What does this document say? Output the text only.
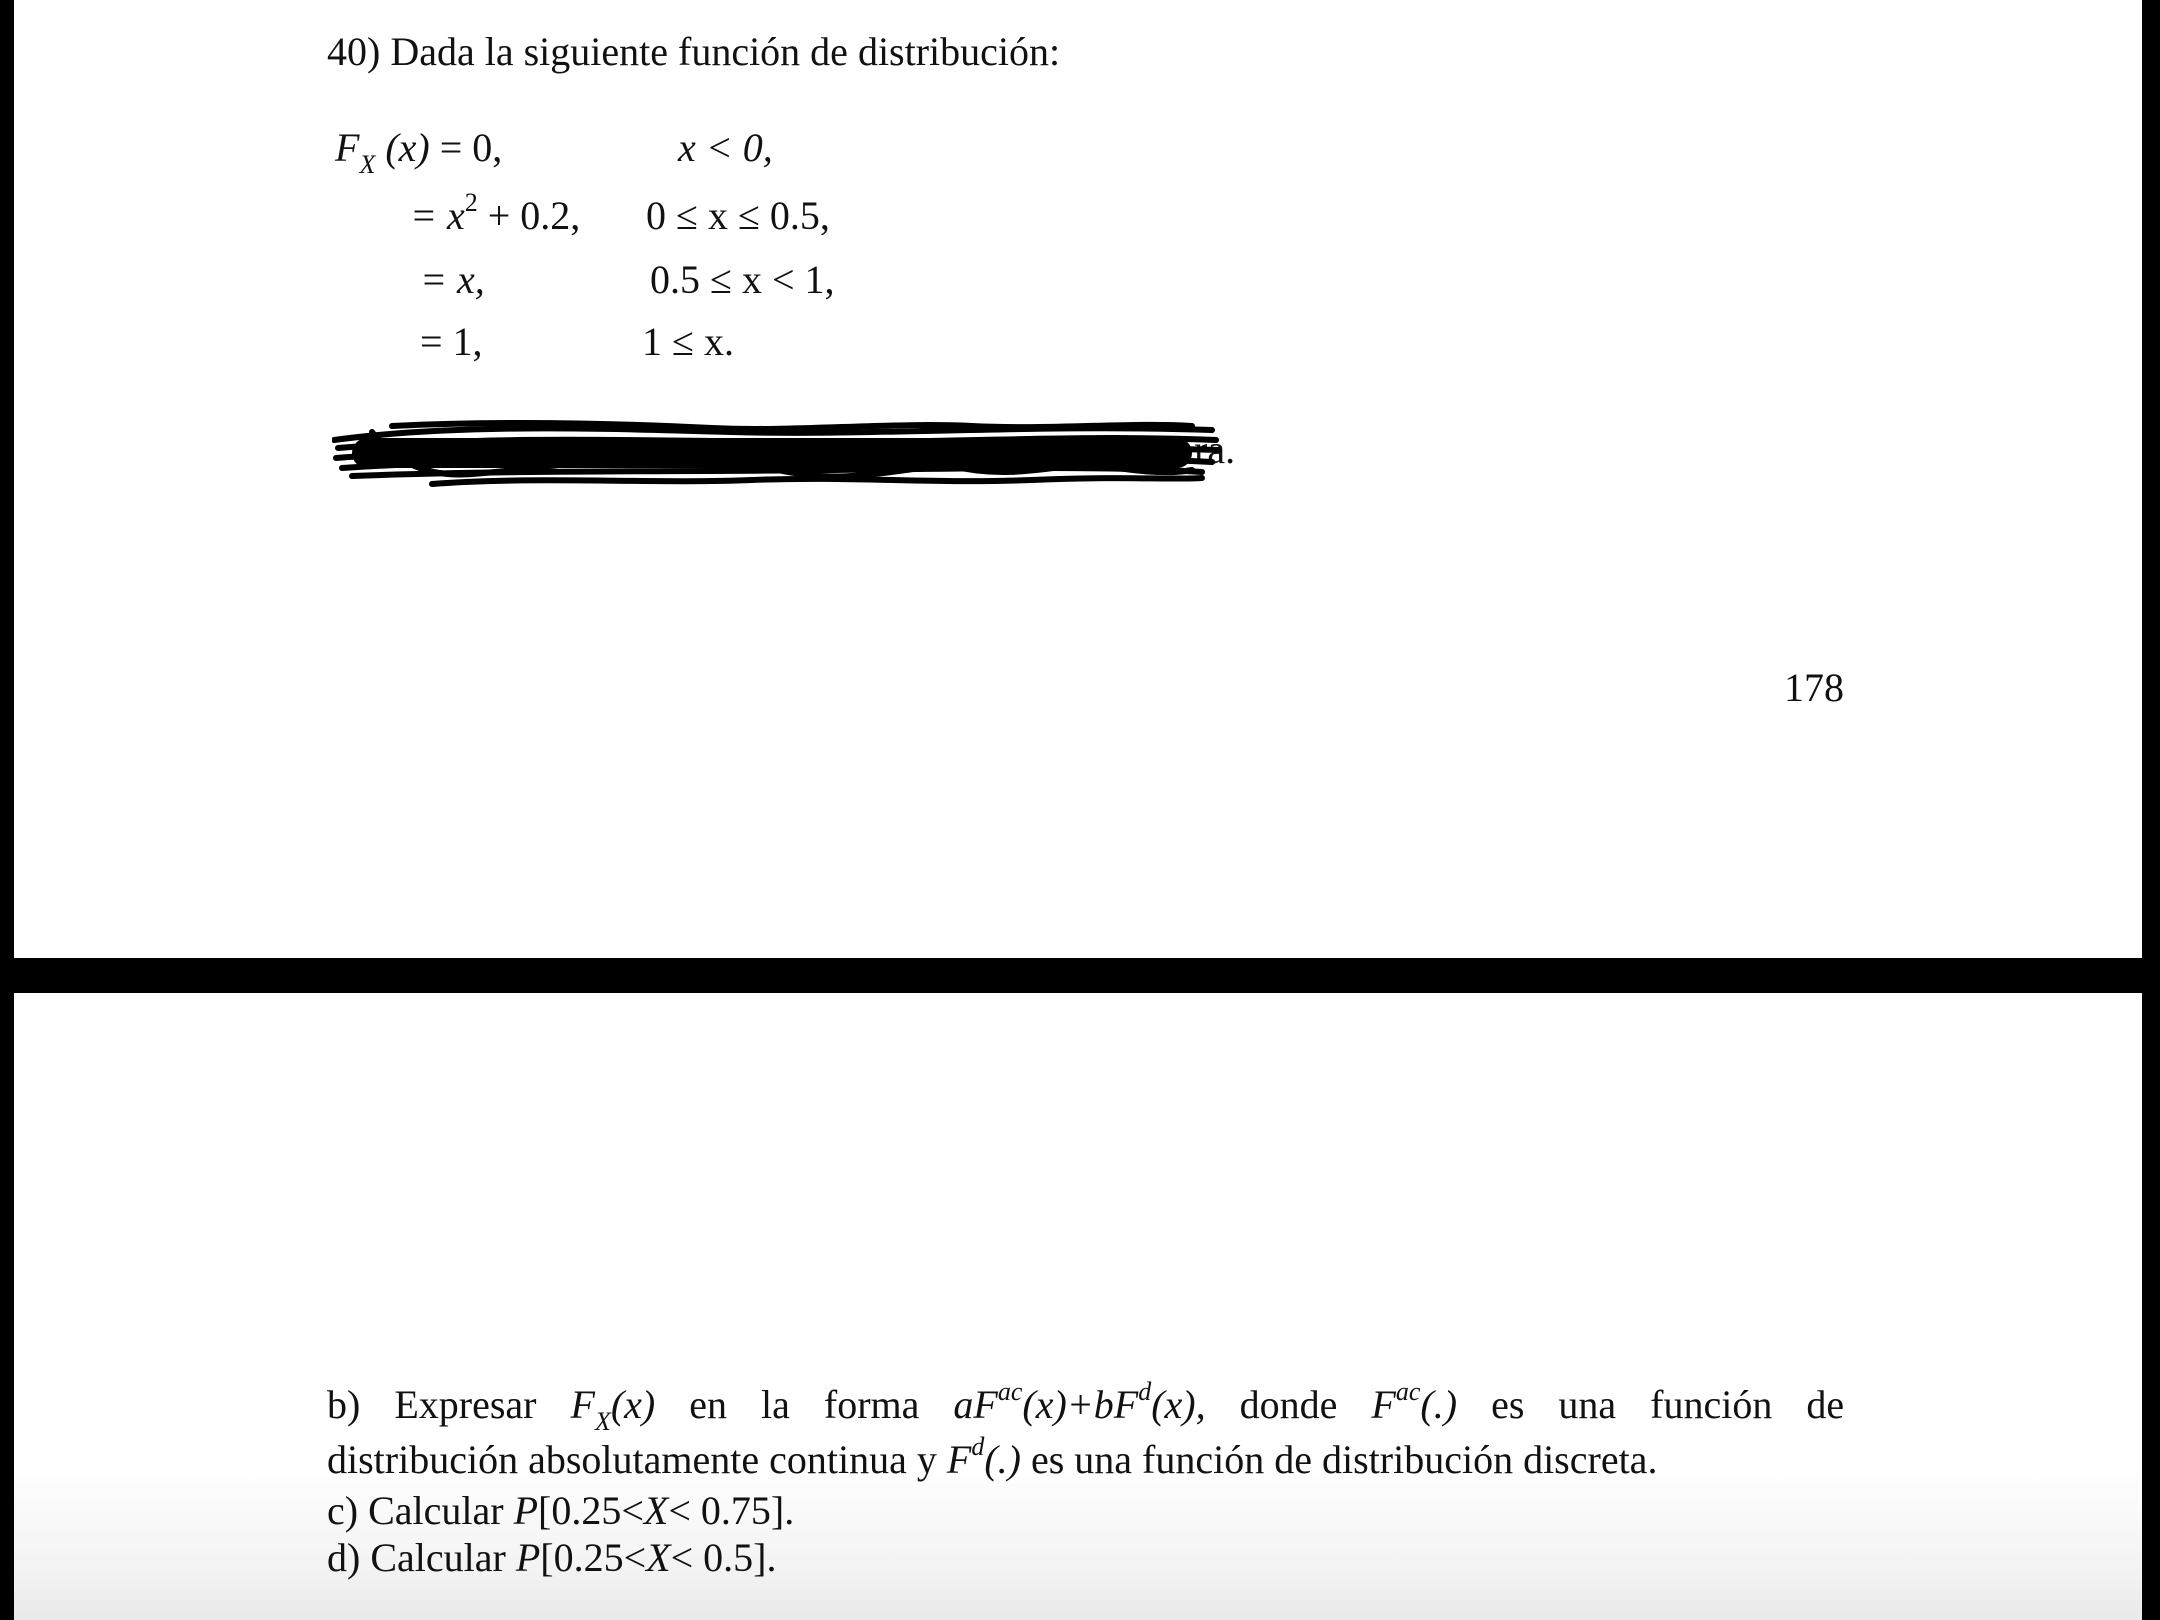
40) Dada la siguiente función de distribución:
$F_X$ (x) = 0,	x < 0,
= $x^2 + 0.2$, 0 ≤ x ≤ 0.5,
= x,	0.5 ≤ x < 1,
= 1,	1 ≤ x.
ra.
178
b) Expresar $F_X(x)$ en la forma $aF^{ac}(x)+bF^d(x)$, donde $F^{ac}(.)$ es una función de
distribución absolutamente continua y $F^d(.)$ es una función de distribución discreta.
c) Calcular P[0.25<X< 0.75].
d) Calcular P[0.25<X< 0.5].
